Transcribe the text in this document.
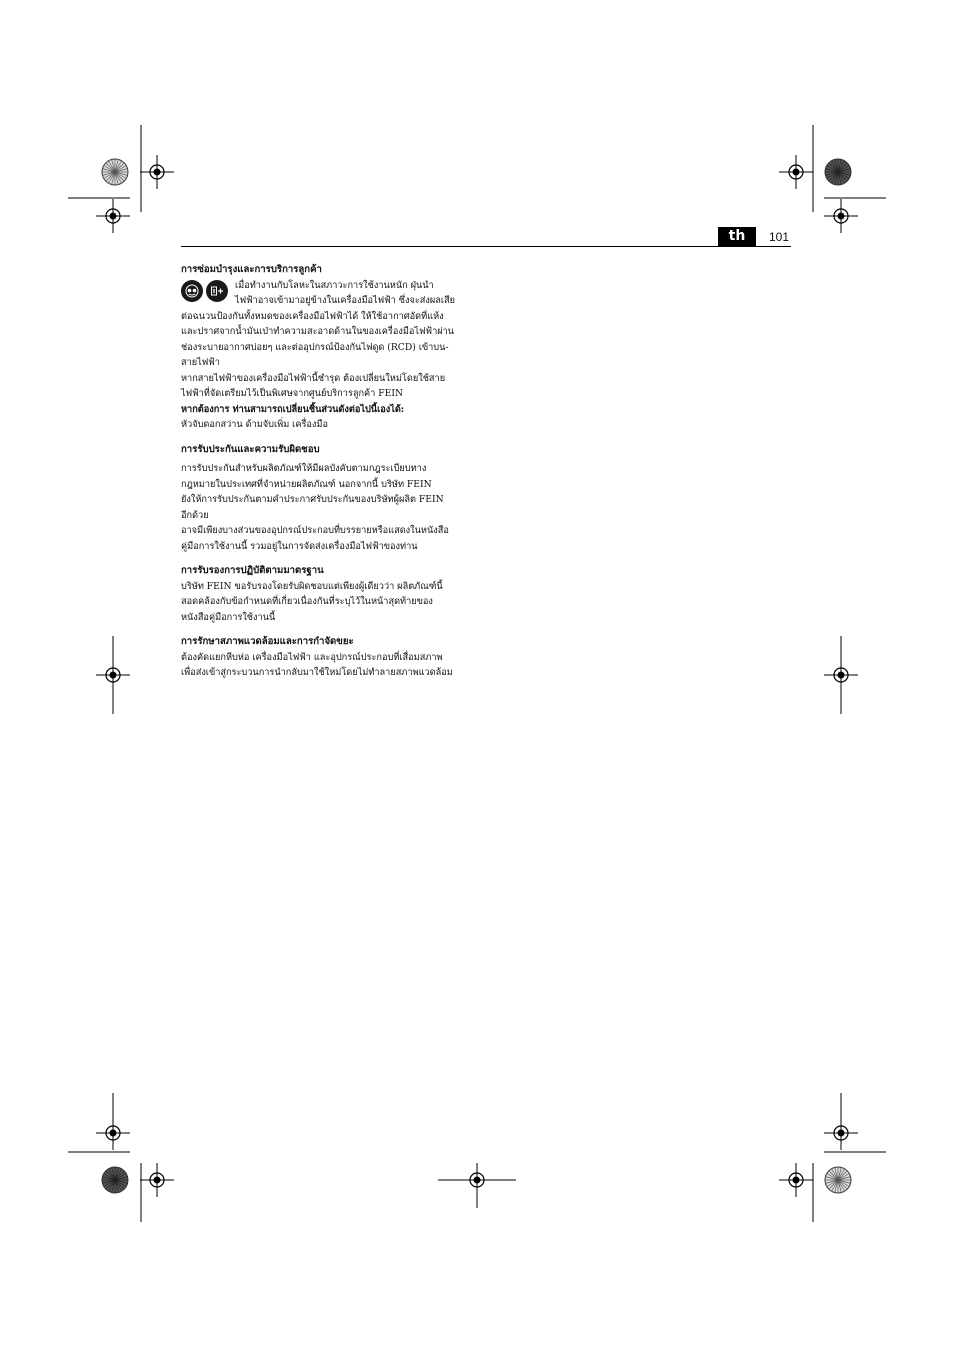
th	101

การซ่อมบำรุงและการบริการลูกค้า

เมื่อทำงานกับโลหะในสภาวะการใช้งานหนัก ฝุ่นนำ
ไฟฟ้าอาจเข้ามาอยู่ข้างในเครื่องมือไฟฟ้า ซึ่งจะส่งผลเสีย

ต่อฉนวนป้องกันทั้งหมดของเครื่องมือไฟฟ้าได้ ให้ใช้อากาศอัดที่แห้ง
และปราศจากน้ำมันเป่าทำความสะอาดด้านในของเครื่องมือไฟฟ้าผ่าน
ช่องระบายอากาศบ่อยๆ และต่ออุปกรณ์ป้องกันไฟดูด (RCD) เข้าบน-
สายไฟฟ้า

หากสายไฟฟ้าของเครื่องมือไฟฟ้านี้ชำรุด ต้องเปลี่ยนใหม่โดยใช้สาย
ไฟฟ้าที่จัดเตรียมไว้เป็นพิเศษจากศูนย์บริการลูกค้า FEIN

หากต้องการ ท่านสามารถเปลี่ยนชิ้นส่วนดังต่อไปนี้เองได้:

หัวจับดอกสว่าน ด้ามจับเพิ่ม เครื่องมือ

การรับประกันและความรับผิดชอบ

การรับประกันสำหรับผลิตภัณฑ์ให้มีผลบังคับตามกฎระเบียบทาง
กฎหมายในประเทศที่จำหน่ายผลิตภัณฑ์ นอกจากนี้ บริษัท FEIN
ยังให้การรับประกันตามคำประกาศรับประกันของบริษัทผู้ผลิต FEIN
อีกด้วย

อาจมีเพียงบางส่วนของอุปกรณ์ประกอบที่บรรยายหรือแสดงในหนังสือ
คู่มือการใช้งานนี้ รวมอยู่ในการจัดส่งเครื่องมือไฟฟ้าของท่าน

การรับรองการปฏิบัติตามมาตรฐาน

บริษัท FEIN ขอรับรองโดยรับผิดชอบแต่เพียงผู้เดียวว่า ผลิตภัณฑ์นี้
สอดคล้องกับข้อกำหนดที่เกี่ยวเนื่องกันที่ระบุไว้ในหน้าสุดท้ายของ
หนังสือคู่มือการใช้งานนี้

การรักษาสภาพแวดล้อมและการกำจัดขยะ

ต้องคัดแยกหีบห่อ เครื่องมือไฟฟ้า และอุปกรณ์ประกอบที่เสื่อมสภาพ
เพื่อส่งเข้าสู่กระบวนการนำกลับมาใช้ใหม่โดยไม่ทำลายสภาพแวดล้อม
